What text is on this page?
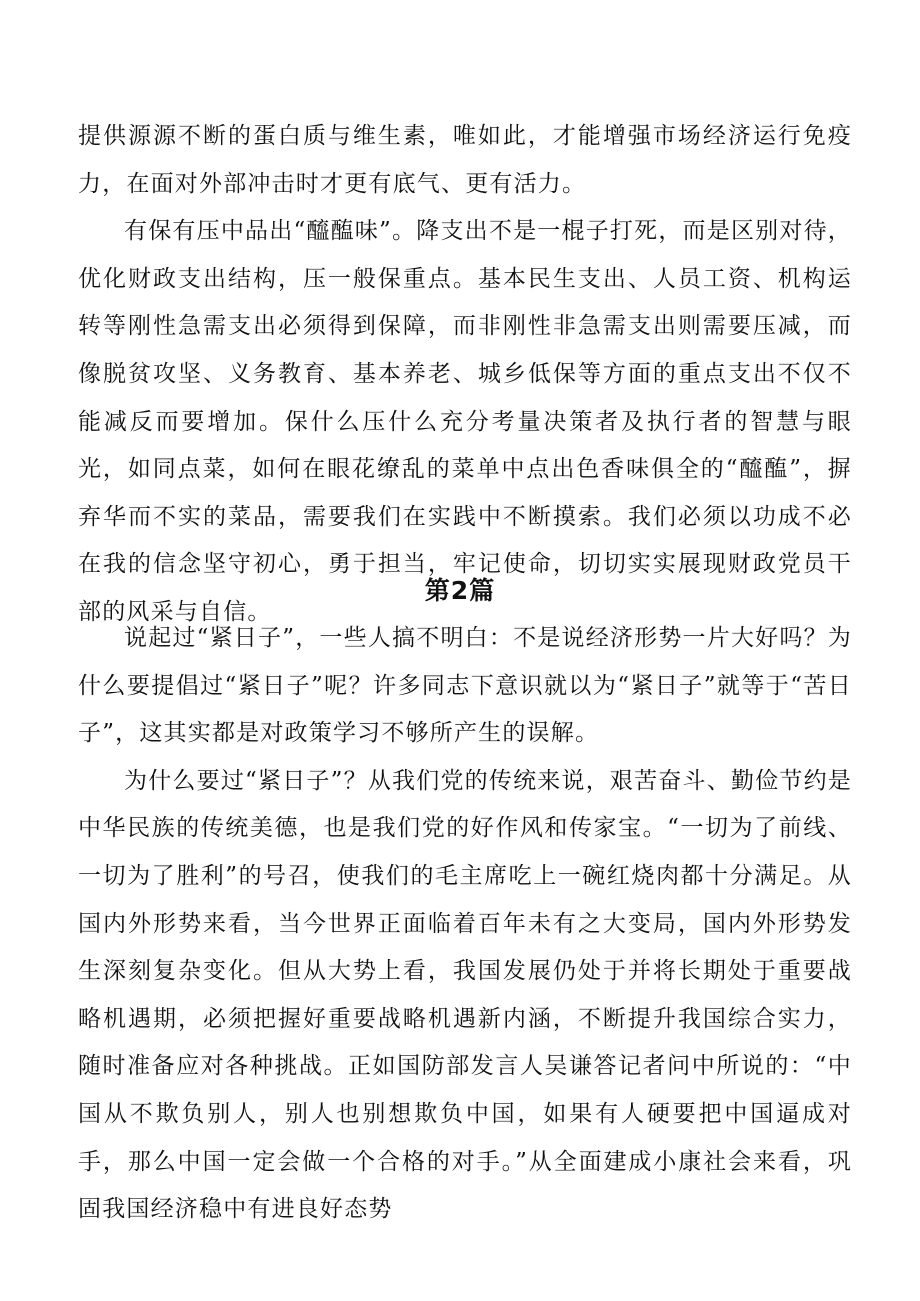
提供源源不断的蛋白质与维生素，唯如此，才能增强市场经济运行免疫力，在面对外部冲击时才更有底气、更有活力。

有保有压中品出“醯醢味”。降支出不是一棍子打死，而是区别对待，优化财政支出结构，压一般保重点。基本民生支出、人员工资、机构运转等刚性急需支出必须得到保障，而非刚性非急需支出则需要压减，而像脱贫攻坚、义务教育、基本养老、城乡低保等方面的重点支出不仅不能减反而要增加。保什么压什么充分考量决策者及执行者的智慧与眼光，如同点菜，如何在眼花缭乱的菜单中点出色香味俱全的“醯醢”，摒弃华而不实的菜品，需要我们在实践中不断摸索。我们必须以功成不必在我的信念坚守初心，勇于担当，牢记使命，切切实实展现财政党员干部的风采与自信。

第2篇

说起过“紧日子”，一些人搞不明白：不是说经济形势一片大好吗？为什么要提倡过“紧日子”呢？许多同志下意识就以为“紧日子”就等于“苦日子”，这其实都是对政策学习不够所产生的误解。

为什么要过“紧日子”？从我们党的传统来说，艰苦奋斗、勤俭节约是中华民族的传统美德，也是我们党的好作风和传家宝。“一切为了前线、一切为了胜利”的号召，使我们的毛主席吃上一碗红烧肉都十分满足。从国内外形势来看，当今世界正面临着百年未有之大变局，国内外形势发生深刻复杂变化。但从大势上看，我国发展仍处于并将长期处于重要战略机遇期，必须把握好重要战略机遇新内涵，不断提升我国综合实力，随时准备应对各种挑战。正如国防部发言人吴谦答记者问中所说的：“中国从不欺负别人，别人也别想欺负中国，如果有人硬要把中国逼成对手，那么中国一定会做一个合格的对手。”从全面建成小康社会来看，巩固我国经济稳中有进良好态势
